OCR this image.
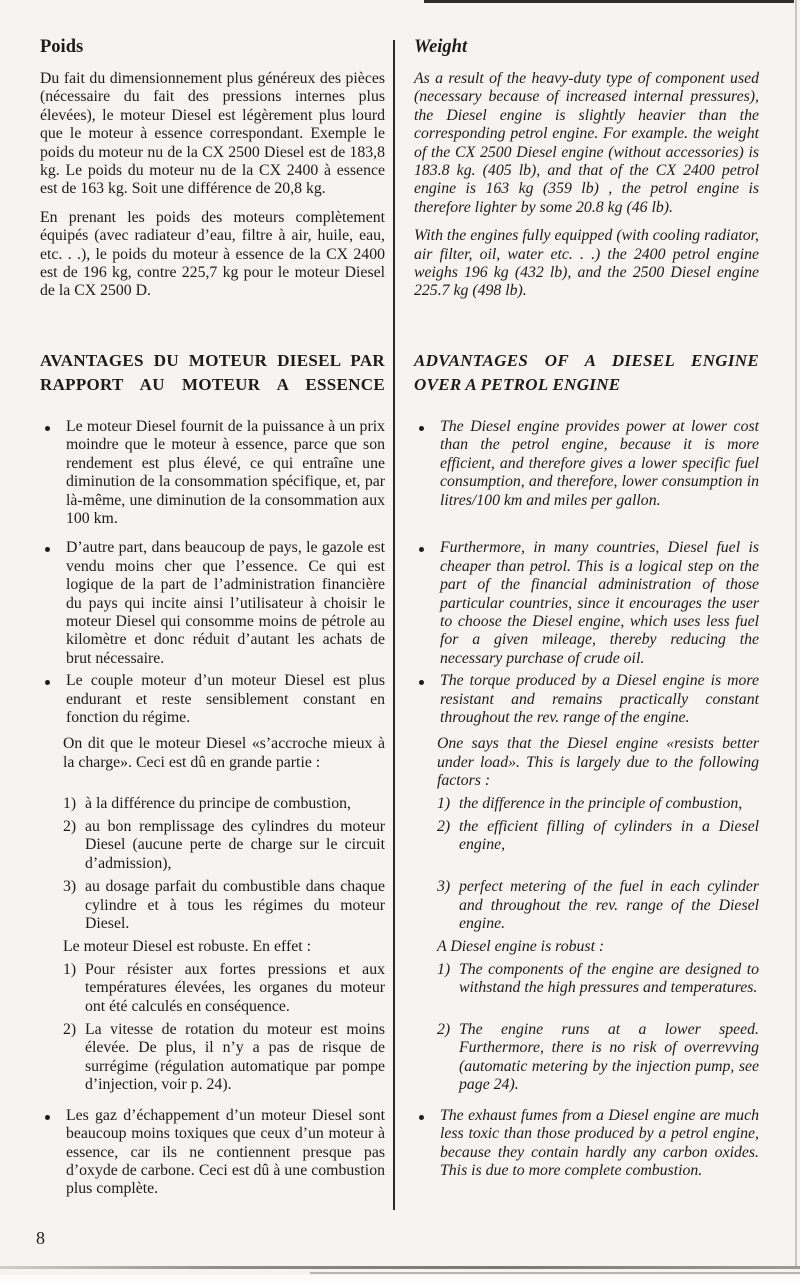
Poids

Du fait du dimensionnement plus généreux des pièces (nécessaire du fait des pressions internes plus élevées), le moteur Diesel est légèrement plus lourd que le moteur à essence correspondant. Exemple le poids du moteur nu de la CX 2500 Diesel est de 183,8 kg. Le poids du moteur nu de la CX 2400 à essence est de 163 kg. Soit une différence de 20,8 kg.

En prenant les poids des moteurs complètement équipés (avec radiateur d’eau, filtre à air, huile, eau, etc. . .), le poids du moteur à essence de la CX 2400 est de 196 kg, contre 225,7 kg pour le moteur Diesel de la CX 2500 D.

Weight

As a result of the heavy-duty type of component used (necessary because of increased internal pressures), the Diesel engine is slightly heavier than the corresponding petrol engine. For example. the weight of the CX 2500 Diesel engine (without accessories) is 183.8 kg. (405 lb), and that of the CX 2400 petrol engine is 163 kg (359 lb) , the petrol engine is therefore lighter by some 20.8 kg (46 lb).

With the engines fully equipped (with cooling radiator, air filter, oil, water etc. . .) the 2400 petrol engine weighs 196 kg (432 lb), and the 2500 Diesel engine 225.7 kg (498 lb).

AVANTAGES DU MOTEUR DIESEL PAR RAPPORT AU MOTEUR A ESSENCE
ADVANTAGES OF A DIESEL ENGINE OVER A PETROL ENGINE
Le moteur Diesel fournit de la puissance à un prix moindre que le moteur à essence, parce que son rendement est plus élevé, ce qui entraîne une diminution de la consommation spécifique, et, par là-même, une diminution de la consommation aux 100 km.
The Diesel engine provides power at lower cost than the petrol engine, because it is more efficient, and therefore gives a lower specific fuel consumption, and therefore, lower consumption in litres/100 km and miles per gallon.
D’autre part, dans beaucoup de pays, le gazole est vendu moins cher que l’essence. Ce qui est logique de la part de l’administration financière du pays qui incite ainsi l’utilisateur à choisir le moteur Diesel qui consomme moins de pétrole au kilomètre et donc réduit d’autant les achats de brut nécessaire.
Furthermore, in many countries, Diesel fuel is cheaper than petrol. This is a logical step on the part of the financial administration of those particular countries, since it encourages the user to choose the Diesel engine, which uses less fuel for a given mileage, thereby reducing the necessary purchase of crude oil.
Le couple moteur d’un moteur Diesel est plus endurant et reste sensiblement constant en fonction du régime.
The torque produced by a Diesel engine is more resistant and remains practically constant throughout the rev. range of the engine.

On dit que le moteur Diesel «s’accroche mieux à la charge». Ceci est dû en grande partie :

One says that the Diesel engine «resists better under load». This is largely due to the following factors :

1) à la différence du principe de combustion,	1) the difference in the principle of combustion,
2) au bon remplissage des cylindres du moteur Diesel (aucune perte de charge sur le circuit d’admission),
2) the efficient filling of cylinders in a Diesel engine,
3) au dosage parfait du combustible dans chaque cylindre et à tous les régimes du moteur Diesel.
3) perfect metering of the fuel in each cylinder and throughout the rev. range of the Diesel engine.

Le moteur Diesel est robuste. En effet :	A Diesel engine is robust :

1) Pour résister aux fortes pressions et aux températures élevées, les organes du moteur ont été calculés en conséquence.
1) The components of the engine are designed to withstand the high pressures and temperatures.
2) La vitesse de rotation du moteur est moins élevée. De plus, il n’y a pas de risque de surrégime (régulation automatique par pompe d’injection, voir p. 24).
2) The engine runs at a lower speed. Furthermore, there is no risk of overrevving (automatic metering by the injection pump, see page 24).
Les gaz d’échappement d’un moteur Diesel sont beaucoup moins toxiques que ceux d’un moteur à essence, car ils ne contiennent presque pas d’oxyde de carbone. Ceci est dû à une combustion plus complète.
The exhaust fumes from a Diesel engine are much less toxic than those produced by a petrol engine, because they contain hardly any carbon oxides. This is due to more complete combustion.
8
